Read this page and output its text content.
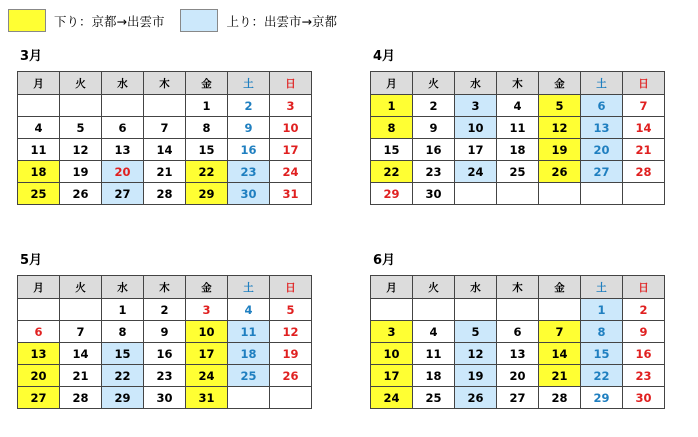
下り：京都→出雲市	上り：出雲市→京都
3月
月	火	水	木	金	土	日
				1	2	3
4	5	6	7	8	9	10
11	12	13	14	15	16	17
18	19	20	21	22	23	24
25	26	27	28	29	30	31
4月
月	火	水	木	金	土	日
1	2	3	4	5	6	7
8	9	10	11	12	13	14
15	16	17	18	19	20	21
22	23	24	25	26	27	28
29	30					
5月
月	火	水	木	金	土	日
		1	2	3	4	5
6	7	8	9	10	11	12
13	14	15	16	17	18	19
20	21	22	23	24	25	26
27	28	29	30	31		
6月
月	火	水	木	金	土	日
					1	2
3	4	5	6	7	8	9
10	11	12	13	14	15	16
17	18	19	20	21	22	23
24	25	26	27	28	29	30
